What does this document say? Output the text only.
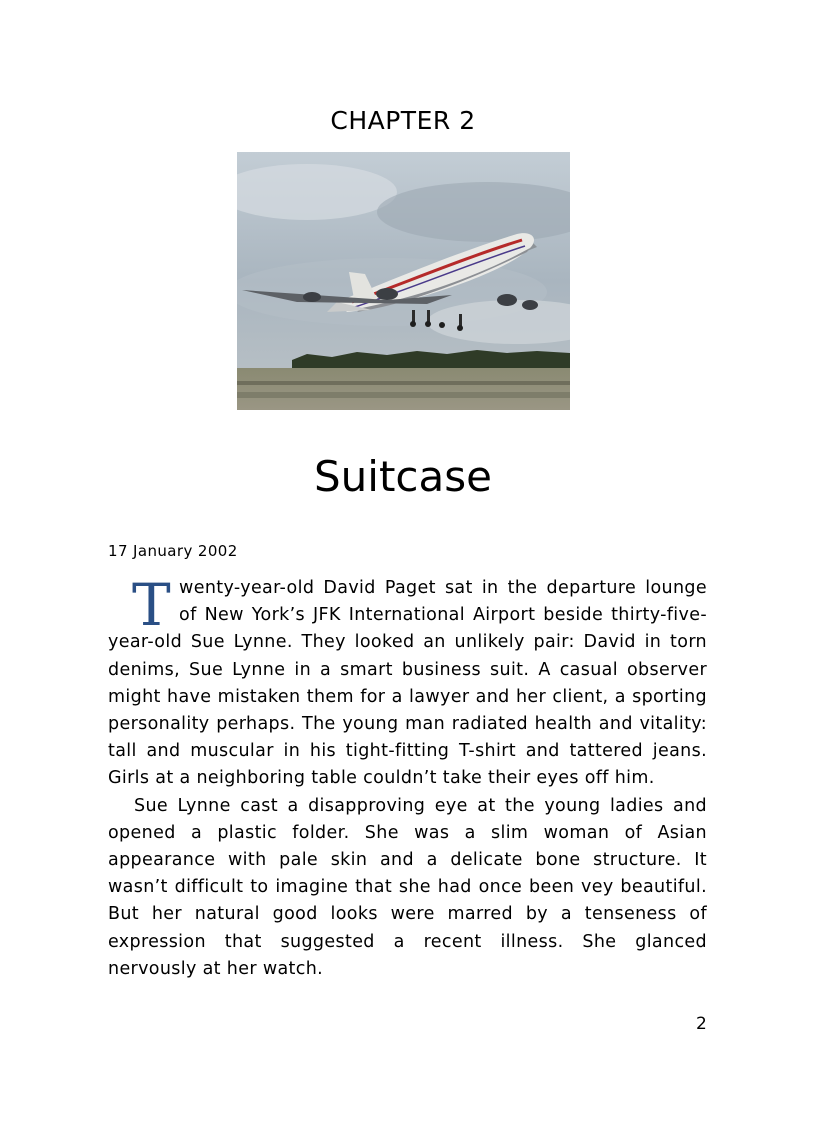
CHAPTER 2
Suitcase
17 January 2002

Twenty-year-old David Paget sat in the departure lounge of New York’s JFK International Airport beside thirty-five-year-old Sue Lynne. They looked an unlikely pair: David in torn denims, Sue Lynne in a smart business suit. A casual observer might have mistaken them for a lawyer and her client, a sporting personality perhaps. The young man radiated health and vitality: tall and muscular in his tight-fitting T-shirt and tattered jeans. Girls at a neighboring table couldn’t take their eyes off him.

Sue Lynne cast a disapproving eye at the young ladies and opened a plastic folder. She was a slim woman of Asian appearance with pale skin and a delicate bone structure. It wasn’t difficult to imagine that she had once been vey beautiful. But her natural good looks were marred by a tenseness of expression that suggested a recent illness. She glanced nervously at her watch.

2
